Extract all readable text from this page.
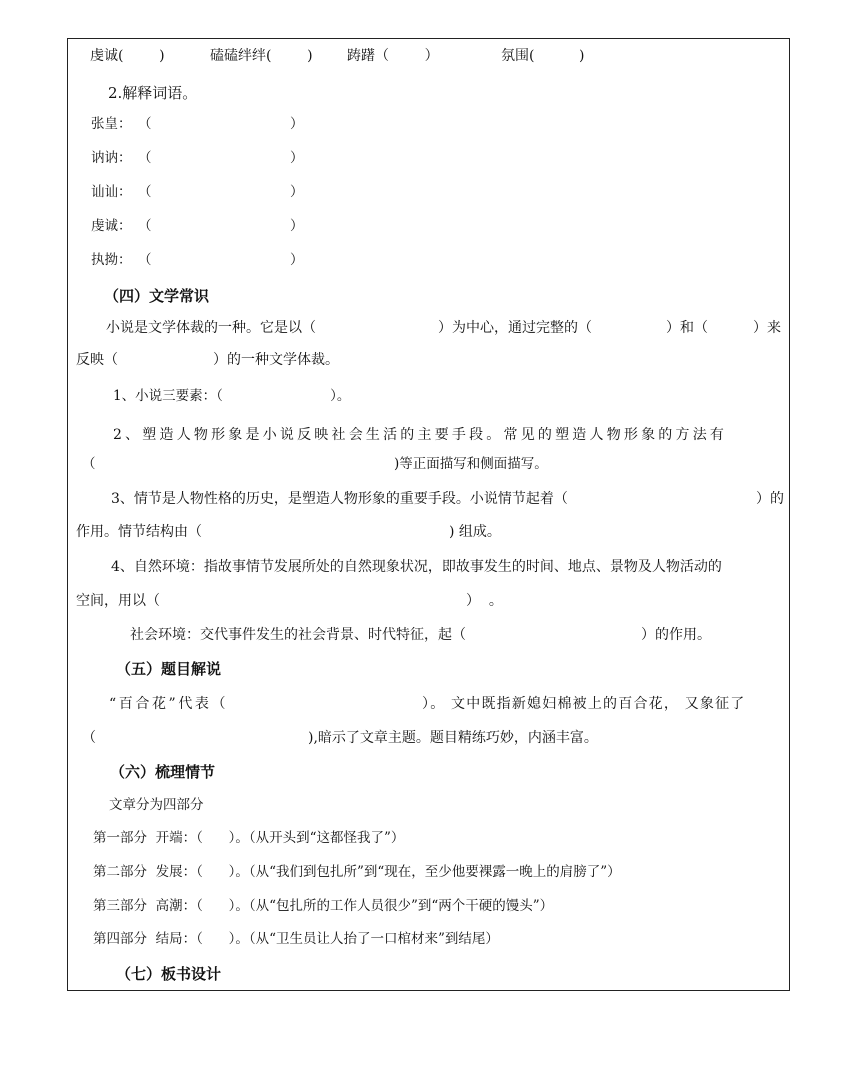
虔诚(        )	磕磕绊绊(        ) 踌躇（        ）	氛围(          )
2.解释词语。
张皇： （	）
讷讷： （	）
讪讪： （	）
虔诚： （	）
执拗： （	）
（四）文学常识
小说是文学体裁的一种。它是以（	）为中心，通过完整的（	）和（	）来
反映（	）的一种文学体裁。
1、小说三要素：（                         ）。
2、塑造人物形象是小说反映社会生活的主要手段。常见的塑造人物形象的方法有
（	)等正面描写和侧面描写。
3、情节是人物性格的历史，是塑造人物形象的重要手段。小说情节起着（	）的
作用。情节结构由（	) 组成。
4、自然环境：指故事情节发展所处的自然现象状况，即故事发生的时间、地点、景物及人物活动的
空间，用以（	）  。
社会环境：交代事件发生的社会背景、时代特征，起（	）的作用。
（五）题目解说
“百合花”代表（	）。 文中既指新媳妇棉被上的百合花， 又象征了
（	),暗示了文章主题。题目精练巧妙，内涵丰富。
（六）梳理情节
文章分为四部分
第一部分  开端：（      ）。（从开头到“这都怪我了”）
第二部分  发展：（      ）。（从“我们到包扎所”到“现在，至少他要裸露一晚上的肩膀了”）
第三部分  高潮：（      ）。（从“包扎所的工作人员很少”到“两个干硬的馒头”）
第四部分  结局：（      ）。（从“卫生员让人抬了一口棺材来”到结尾）
（七）板书设计
